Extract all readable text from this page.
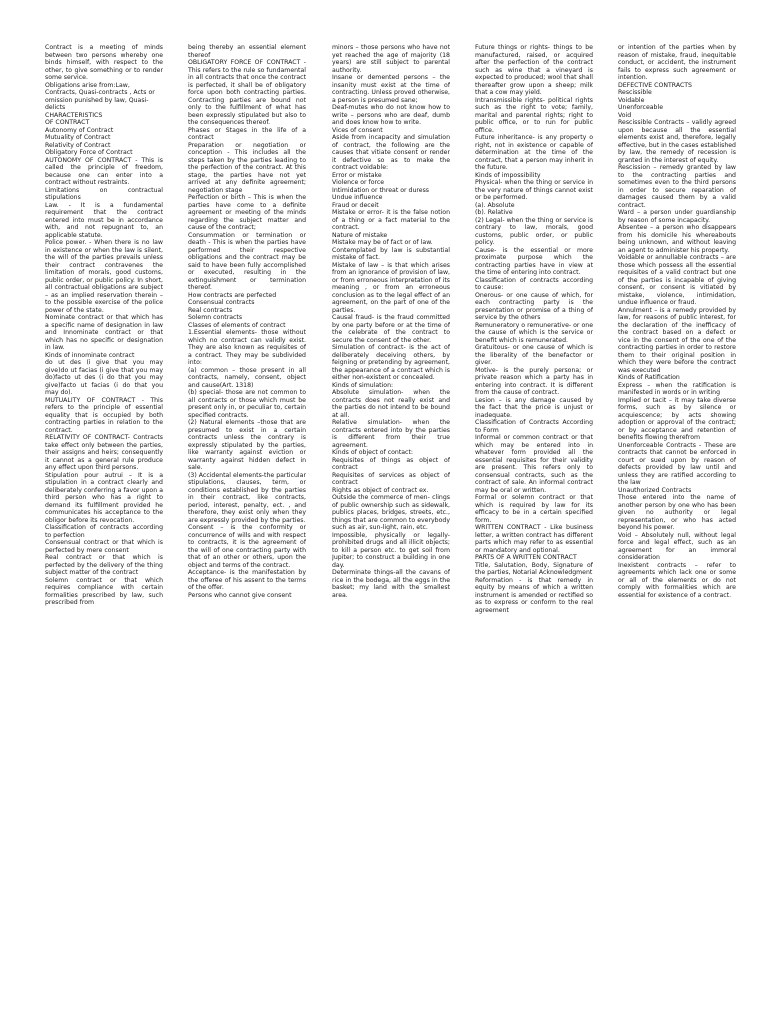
Contract is a meeting of minds between two persons whereby one binds himself, with respect to the other, to give something or to render some service.

Obligations arise from:Law, Contracts, Quasi-contracts , Acts or omission punished by law, Quasi-delicts

CHARACTERISTICS

OF CONTRACT

Autonomy of Contract

Mutuality of Contract

Relativity of Contract

Obligatory Force of Contract

AUTONOMY OF CONTRACT - This is called the principle of freedom, because one can enter into a contract without restraints.

Limitations on contractual stipulations

Law. - It is a fundamental requirement that the contract entered into must be in accordance with, and not repugnant to, an applicable statute.

Police power. - When there is no law in existence or when the law is silent, the will of the parties prevails unless their contract contravenes the limitation of morals, good customs, public order, or public policy. In short, all contractual obligations are subject – as an implied reservation therein – to the possible exercise of the police power of the state.

Nominate contract or that which has a specific name of designation in law and Innominate contract or that which has no specific or designation in law.

Kinds of innominate contract

do ut des (i give that you may give)do ut facias (i give that you may do)facto ut des (i do that you may give)facto ut facias (i do that you may do).

MUTUALITY OF CONTRACT - This refers to the principle of essential equality that is occupied by both contracting parties in relation to the contract.

RELATIVITY OF CONTRACT- Contracts take effect only between the parties, their assigns and heirs; consequently it cannot as a general rule produce any effect upon third persons.

Stipulation pour autrui – It is a stipulation in a contract clearly and deliberately conferring a favor upon a third person who has a right to demand its fulfillment provided he communicates his acceptance to the obligor before its revocation.

Classification of contracts according to perfection

Consensual contract or that which is perfected by mere consent

Real contract or that which is perfected by the delivery of the thing subject matter of the contract

Solemn contract or that which requires compliance with certain formalities prescribed by law, such prescribed from

being thereby an essential element thereof

OBLIGATORY FORCE OF CONTRACT - This refers to the rule so fundamental in all contracts that once the contract is perfected, it shall be of obligatory force upon both contracting parties. Contracting parties are bound not only to the fulfillment of what has been expressly stipulated but also to the consequences thereof.

Phases or Stages in the life of a contract

Preparation or negotiation or conception - This includes all the steps taken by the parties leading to the perfection of the contract. At this stage, the parties have not yet arrived at any definite agreement; negotiation stage

Perfection or birth – This is when the parties have come to a definite agreement or meeting of the minds regarding the subject matter and cause of the contract;

Consummation or termination or death - This is when the parties have performed their respective obligations and the contract may be said to have been fully accomplished or executed, resulting in the extinguishment or termination thereof.

How contracts are perfected

Consensual contracts

Real contracts

Solemn contracts

Classes of elements of contract

1.Essential elements- those without which no contract can validly exist. They are also known as requisites of a contract. They may be subdivided into:

(a) common – those present in all contracts, namely, consent, object and cause(Art. 1318)

(b) special- those are not common to all contracts or those which must be present only in, or peculiar to, certain specified contracts.

(2) Natural elements –those that are presumed to exist in a certain contracts unless the contrary is expressly stipulated by the parties, like warranty against eviction or warranty against hidden defect in sale.

(3) Accidental elements-the particular stipulations, clauses, term, or conditions established by the parties in their contract, like contracts, period, interest, penalty, ect. , and therefore, they exist only when they are expressly provided by the parties.

Consent – is the conformity or concurrence of wills and with respect to contracts, it is the agreement of the will of one contracting party with that of an other or others, upon the object and terms of the contract.

Acceptance- is the manifestation by the offeree of his assent to the terms of the offer.

Persons who cannot give consent

minors – those persons who have not yet reached the age of majority (18 years) are still subject to parental authority.

Insane or demented persons – the insanity must exist at the time of contracting. Unless proved otherwise, a person is presumed sane;

Deaf-mutes who do not know how to write – persons who are deaf, dumb and does know how to write.

Vices of consent

Aside from incapacity and simulation of contract, the following are the causes that vitiate consent or render it defective so as to make the contract voidable:

Error or mistake

Violence or force

Intimidation or threat or duress

Undue influence

Fraud or deceit

Mistake or error- it is the false notion of a thing or a fact material to the contract.

Nature of mistake

Mistake may be of fact or of law.

Contemplated by law is substantial mistake of fact.

Mistake of law – is that which arises from an ignorance of provision of law, or from erroneous interpretation of its meaning , or from an erroneous conclusion as to the legal effect of an agreement, on the part of one of the parties.

Causal fraud- is the fraud committed by one party before or at the time of the celebrate of the contract to secure the consent of the other.

Simulation of contract- is the act of deliberately deceiving others, by feigning or pretending by agreement, the appearance of a contract which is either non-existent or concealed.

Kinds of simulation:

Absolute simulation- when the contracts does not really exist and the parties do not intend to be bound at all.

Relative simulation- when the contracts entered into by the parties is different from their true agreement.

Kinds of object of contact:

Requisites of things as object of contract

Requisites of services as object of contract

Rights as object of contract ex.

Outside the commerce of men- clings of public ownership such as sidewalk, publics places, bridges, streets, etc., things that are common to everybody such as air, sun-light, rain, etc.

Impossible, physically or legally- prohibited drugs and all illicit objects; to kill a person etc. to get soil from Jupiter; to construct a building in one day.

Determinate things-all the cavans of rice in the bodega, all the eggs in the basket; my land with the smallest area.

Future things or rights- things to be manufactured, raised, or acquired after the perfection of the contract such as wine that a vineyard is expected to produced; wool that shall thereafter grow upon a sheep; milk that a cow may yield.

Intransmissible rights- political rights such as the right to vote; family, marital and parental rights; right to public office, or to run for public office.

Future inheritance- is any property o right, not in existence or capable of determination at the time of the contract, that a person may inherit in the future.

Kinds of impossibility

Physical- when the thing or service in the very nature of things cannot exist or be performed.

(a). Absolute

(b). Relative

(2) Legal- when the thing or service is contrary to law, morals, good customs, public order, or public policy.

Cause- is the essential or more proximate purpose which the contracting parties have in view at the time of entering into contract.

Classification of contracts according to cause:

Onerous- or one cause of which, for each contracting party is the presentation or promise of a thing of service by the others

Remuneratory o remunerative- or one the cause of which is the service or benefit which is remunerated.

Gratuitous- or one cause of which is the liberality of the benefactor or giver.

Motive- is the purely persona; or private reason which a party has in entering into contract. It is different from the cause of contract.

Lesion – is any damage caused by the fact that the price is unjust or inadequate.

Classification of Contracts According to Form

Informal or common contract or that which may be entered into in whatever form provided all the essential requisites for their validity are present. This refers only to consensual contracts, such as the contract of sale. An informal contract may be oral or written.

Formal or solemn contract or that which is required by law for its efficacy to be in a certain specified form.

WRITTEN CONTRACT - Like business letter, a written contract has different parts which may refer to as essential or mandatory and optional.

PARTS OF A WRITTEN CONTRACT

Title, Salutation, Body, Signature of the parties, Notarial Acknowledgment

Reformation - is that remedy in equity by means of which a written instrument is amended or rectified so as to express or conform to the real agreement

or intention of the parties when by reason of mistake, fraud, inequitable conduct, or accident, the instrument fails to express such agreement or intention.

DEFECTIVE CONTRACTS

Rescissible

Voidable

Unenforceable

Void

Rescissible Contracts – validly agreed upon because all the essential elements exist and, therefore, legally effective, but in the cases established by law, the remedy of recession is granted in the interest of equity.

Rescission – remedy granted by law to the contracting parties and sometimes even to the third persons in order to secure reparation of damages caused them by a valid contract.

Ward – a person under guardianship by reason of some incapacity.

Absentee – a person who disappears from his domicile his whereabouts being unknown, and without leaving an agent to administer his property.

Voidable or annullable contracts – are those which possess all the essential requisites of a valid contract but one of the parties is incapable of giving consent, or consent is vitiated by mistake, violence, intimidation, undue influence or fraud.

Annulment – is a remedy provided by law, for reasons of public interest, for the declaration of the inefficacy of the contract based on a defect or vice in the consent of the one of the contracting parties in order to restore them to their original position in which they were before the contract was executed

Kinds of Ratification

Express – when the ratification is manifested in words or in writing

Implied or tacit – it may take diverse forms, such as by silence or acquiescence; by acts showing adoption or approval of the contract; or by acceptance and retention of benefits flowing therefrom

Unenforceable Contracts - These are contracts that cannot be enforced in court or sued upon by reason of defects provided by law until and unless they are ratified according to the law

Unauthorized Contracts

Those entered into the name of another person by one who has been given no authority or legal representation, or who has acted beyond his power.

Void – Absolutely null, without legal force and legal effect, such as an agreement for an immoral consideration

Inexistent contracts – refer to agreements which lack one or some or all of the elements or do not comply with formalities which are essential for existence of a contract.
